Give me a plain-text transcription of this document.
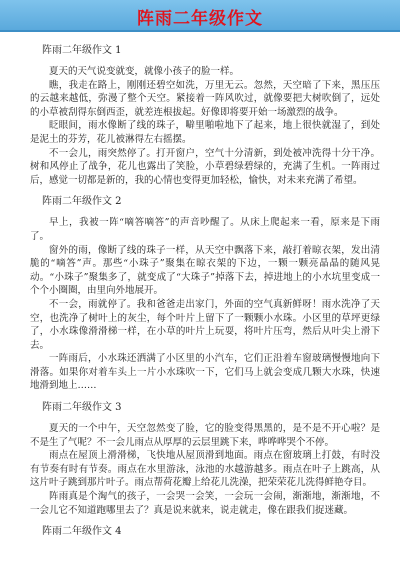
阵雨二年级作文
阵雨二年级作文 1

夏天的天气说变就变，就像小孩子的脸一样。

瞧，我走在路上，刚刚还碧空如洗，万里无云。忽然，天空暗了下来，黑压压的云越来越低，弥漫了整个天空。紧接着一阵风吹过，就像要把大树吹倒了，远处的小草被刮得东倒西歪，就差连根拔起。好像即将要开始一场激烈的战争。

眨眼间，雨水像断了线的珠子，噼里啪啦地下了起来，地上很快就湿了，到处是泥土的芬芳，花儿被淋得左右摇摆。

不一会儿，雨突然停了。打开窗户，空气十分清新，到处被冲洗得十分干净。树和风停止了战争，花儿也露出了笑脸，小草碧绿碧绿的，充满了生机。一阵雨过后，感觉一切都是新的，我的心情也变得更加轻松，愉快，对未来充满了希望。

阵雨二年级作文 2

早上，我被一阵“嘀答嘀答”的声音吵醒了。从床上爬起来一看，原来是下雨了。

窗外的雨，像断了线的珠子一样，从天空中飘落下来，敲打着晾衣架，发出清脆的“嘀答”声。那些“小珠子”聚集在晾衣架的下边，一颗一颗亮晶晶的随风晃动。“小珠子”聚集多了，就变成了“大珠子”掉落下去，掉进地上的小水坑里变成一个个小圈圈，由里向外地展开。

不一会，雨就停了。我和爸爸走出家门，外面的空气真新鲜呀！雨水洗净了天空，也洗净了树叶上的灰尘，每个叶片上留下了一颗颗小水珠。小区里的草坪更绿了，小水珠像滑滑梯一样，在小草的叶片上玩耍，将叶片压弯，然后从叶尖上滑下去。

一阵雨后，小水珠还洒满了小区里的小汽车，它们正沿着车窗玻璃慢慢地向下滑落。如果你对着车头上一片小水珠吹一下，它们马上就会变成几颗大水珠，快速地滑到地上……

阵雨二年级作文 3

夏天的一个中午，天空忽然变了脸，它的脸变得黑黑的，是不是不开心啦？是不是生了气呢？不一会儿雨点从厚厚的云层里跳下来，哗哗哗哭个不停。

雨点在屋顶上滑滑梯，飞快地从屋顶滑到地面。雨点在窗玻璃上打鼓，有时没有节奏有时有节奏。雨点在水里游泳，泳池的水越游越多。雨点在叶子上跳高，从这片叶子跳到那片叶子。雨点帮荷花瓣上给花儿洗澡，把荣荣花儿洗得鲜艳夺目。

阵雨真是个淘气的孩子，一会哭一会笑，一会玩一会闹，渐渐地，渐渐地，不一会儿它不知道跑哪里去了？真是说来就来，说走就走，像在跟我们捉迷藏。

阵雨二年级作文 4
